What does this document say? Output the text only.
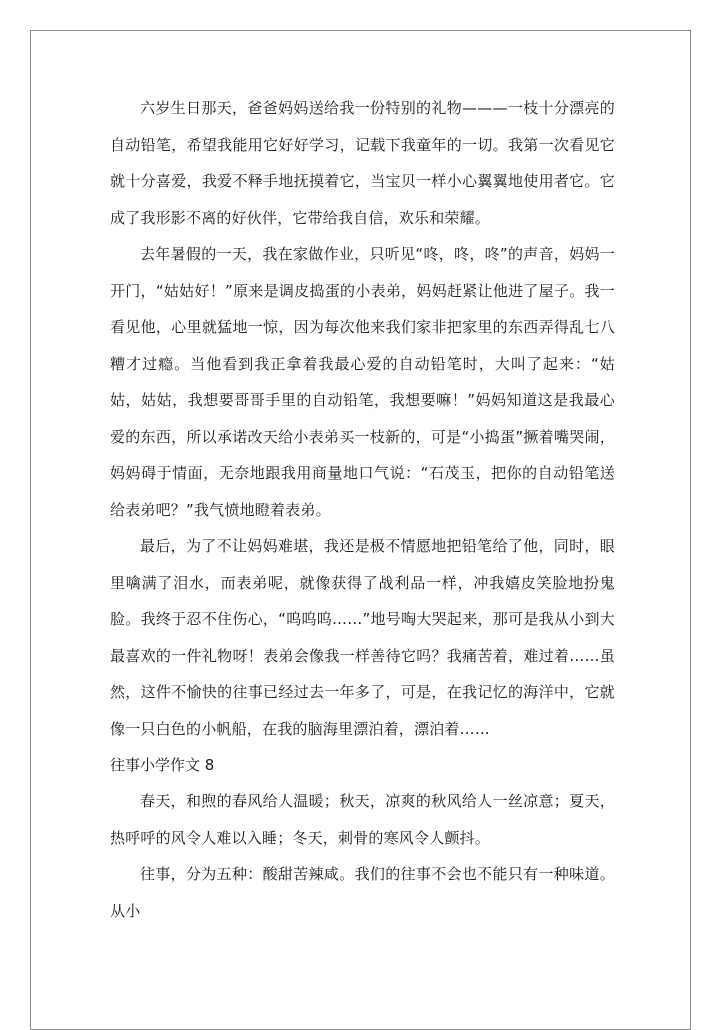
六岁生日那天，爸爸妈妈送给我一份特别的礼物———一枝十分漂亮的自动铅笔，希望我能用它好好学习，记载下我童年的一切。我第一次看见它就十分喜爱，我爱不释手地抚摸着它，当宝贝一样小心翼翼地使用者它。它成了我形影不离的好伙伴，它带给我自信，欢乐和荣耀。

去年暑假的一天，我在家做作业，只听见“咚，咚，咚”的声音，妈妈一开门，“姑姑好！”原来是调皮捣蛋的小表弟，妈妈赶紧让他进了屋子。我一看见他，心里就猛地一惊，因为每次他来我们家非把家里的东西弄得乱七八糟才过瘾。当他看到我正拿着我最心爱的自动铅笔时，大叫了起来：“姑姑，姑姑，我想要哥哥手里的自动铅笔，我想要嘛！”妈妈知道这是我最心爱的东西，所以承诺改天给小表弟买一枝新的，可是“小捣蛋”撅着嘴哭闹，妈妈碍于情面，无奈地跟我用商量地口气说：“石茂玉，把你的自动铅笔送给表弟吧？”我气愤地瞪着表弟。

最后，为了不让妈妈难堪，我还是极不情愿地把铅笔给了他，同时，眼里噙满了泪水，而表弟呢，就像获得了战利品一样，冲我嬉皮笑脸地扮鬼脸。我终于忍不住伤心，“呜呜呜……”地号啕大哭起来，那可是我从小到大最喜欢的一件礼物呀！表弟会像我一样善待它吗？我痛苦着，难过着……虽然，这件不愉快的往事已经过去一年多了，可是，在我记忆的海洋中，它就像一只白色的小帆船，在我的脑海里漂泊着，漂泊着……

往事小学作文 8

春天，和煦的春风给人温暖；秋天，凉爽的秋风给人一丝凉意；夏天，热呼呼的风令人难以入睡；冬天，刺骨的寒风令人颤抖。

往事，分为五种：酸甜苦辣咸。我们的往事不会也不能只有一种味道。从小
